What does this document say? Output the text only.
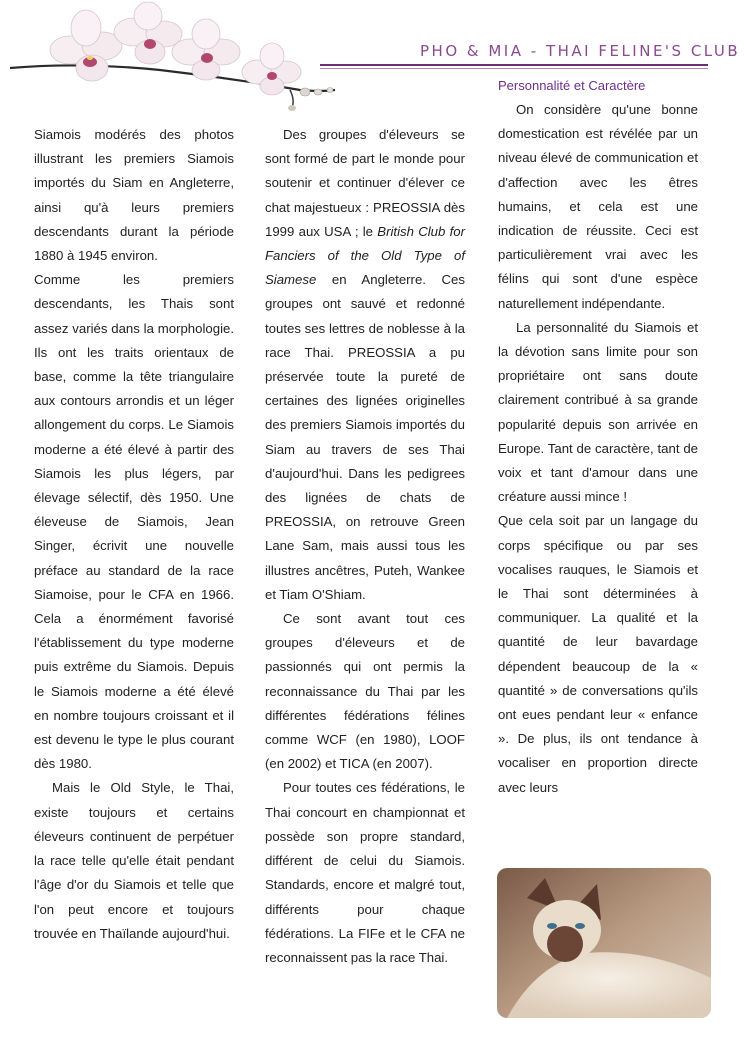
PHO & MIA - THAI FELINE'S CLUB

Siamois modérés des photos illustrant les premiers Siamois importés du Siam en Angleterre, ainsi qu'à leurs premiers descendants durant la période 1880 à 1945 environ.

Comme les premiers descendants, les Thais sont assez variés dans la morphologie. Ils ont les traits orientaux de base, comme la tête triangulaire aux contours arrondis et un léger allongement du corps. Le Siamois moderne a été élevé à partir des Siamois les plus légers, par élevage sélectif, dès 1950. Une éleveuse de Siamois, Jean Singer, écrivit une nouvelle préface au standard de la race Siamoise, pour le CFA en 1966. Cela a énormément favorisé l'établissement du type moderne puis extrême du Siamois. Depuis le Siamois moderne a été élevé en nombre toujours croissant et il est devenu le type le plus courant dès 1980.

Mais le Old Style, le Thai, existe toujours et certains éleveurs continuent de perpétuer la race telle qu'elle était pendant l'âge d'or du Siamois et telle que l'on peut encore et toujours trouvée en Thaïlande aujourd'hui.

Des groupes d'éleveurs se sont formé de part le monde pour soutenir et continuer d'élever ce chat majestueux : PREOSSIA dès 1999 aux USA ; le British Club for Fanciers of the Old Type of Siamese en Angleterre. Ces groupes ont sauvé et redonné toutes ses lettres de noblesse à la race Thai. PREOSSIA a pu préservée toute la pureté de certaines des lignées originelles des premiers Siamois importés du Siam au travers de ses Thai d'aujourd'hui. Dans les pedigrees des lignées de chats de PREOSSIA, on retrouve Green Lane Sam, mais aussi tous les illustres ancêtres, Puteh, Wankee et Tiam O'Shiam.

Ce sont avant tout ces groupes d'éleveurs et de passionnés qui ont permis la reconnaissance du Thai par les différentes fédérations félines comme WCF (en 1980), LOOF (en 2002) et TICA (en 2007).

Pour toutes ces fédérations, le Thai concourt en championnat et possède son propre standard, différent de celui du Siamois. Standards, encore et malgré tout, différents pour chaque fédérations. La FIFe et le CFA ne reconnaissent pas la race Thai.

Personnalité et Caractère

On considère qu'une bonne domestication est révélée par un niveau élevé de communication et d'affection avec les êtres humains, et cela est une indication de réussite. Ceci est particulièrement vrai avec les félins qui sont d'une espèce naturellement indépendante.

La personnalité du Siamois et la dévotion sans limite pour son propriétaire ont sans doute clairement contribué à sa grande popularité depuis son arrivée en Europe. Tant de caractère, tant de voix et tant d'amour dans une créature aussi mince !

Que cela soit par un langage du corps spécifique ou par ses vocalises rauques, le Siamois et le Thai sont déterminées à communiquer. La qualité et la quantité de leur bavardage dépendent beaucoup de la « quantité » de conversations qu'ils ont eues pendant leur « enfance ». De plus, ils ont tendance à vocaliser en proportion directe avec leurs
